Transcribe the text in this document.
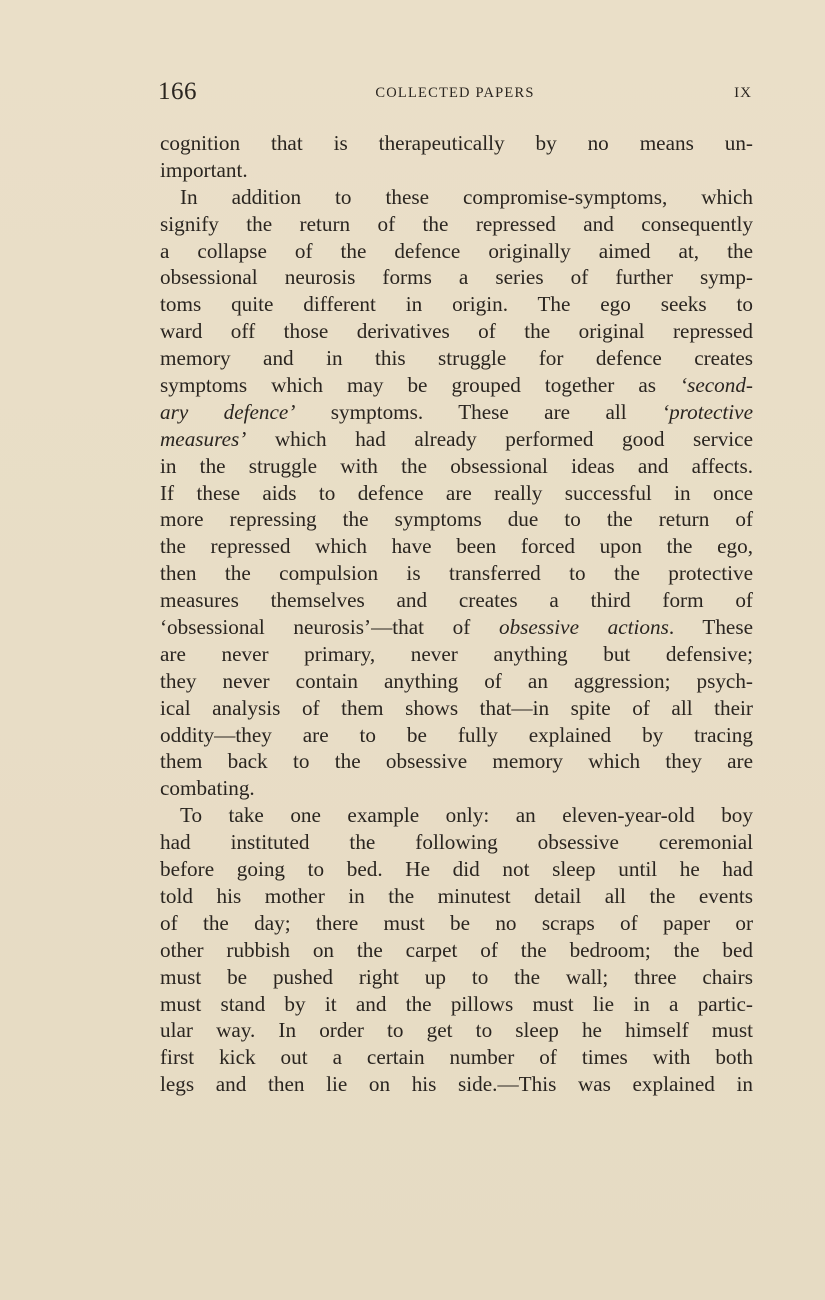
166	COLLECTED PAPERS	IX
cognition that is therapeutically by no means un-
important.
In addition to these compromise-symptoms, which
signify the return of the repressed and consequently
a collapse of the defence originally aimed at, the
obsessional neurosis forms a series of further symp-
toms quite different in origin. The ego seeks to
ward off those derivatives of the original repressed
memory and in this struggle for defence creates
symptoms which may be grouped together as ‘second-
ary defence’ symptoms. These are all ‘protective
measures’ which had already performed good service
in the struggle with the obsessional ideas and affects.
If these aids to defence are really successful in once
more repressing the symptoms due to the return of
the repressed which have been forced upon the ego,
then the compulsion is transferred to the protective
measures themselves and creates a third form of
‘obsessional neurosis’—that of obsessive actions. These
are never primary, never anything but defensive;
they never contain anything of an aggression; psych-
ical analysis of them shows that—in spite of all their
oddity—they are to be fully explained by tracing
them back to the obsessive memory which they are
combating.
To take one example only: an eleven-year-old boy
had instituted the following obsessive ceremonial
before going to bed. He did not sleep until he had
told his mother in the minutest detail all the events
of the day; there must be no scraps of paper or
other rubbish on the carpet of the bedroom; the bed
must be pushed right up to the wall; three chairs
must stand by it and the pillows must lie in a partic-
ular way. In order to get to sleep he himself must
first kick out a certain number of times with both
legs and then lie on his side.—This was explained in
